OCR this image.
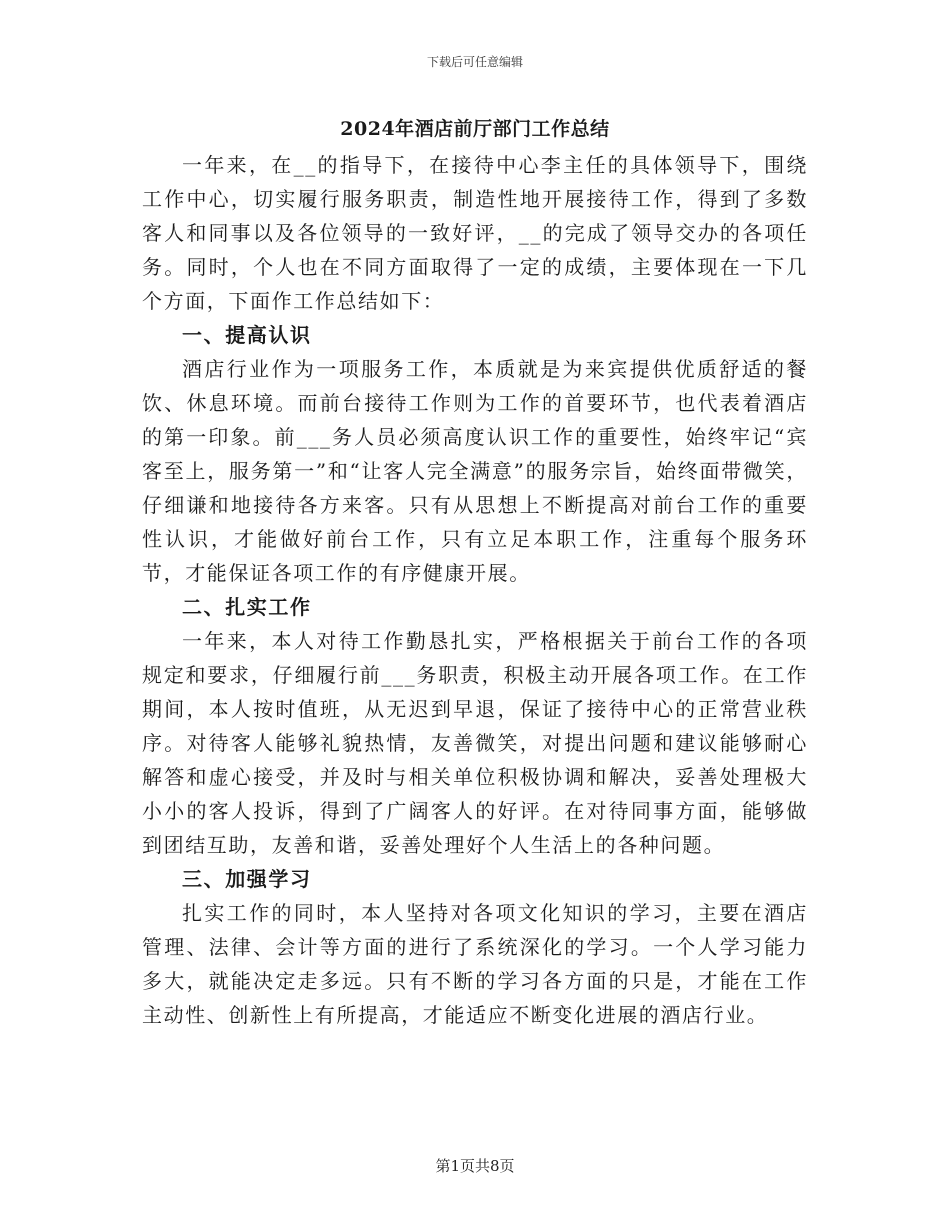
下载后可任意编辑
2024年酒店前厅部门工作总结

一年来，在__的指导下，在接待中心李主任的具体领导下，围绕工作中心，切实履行服务职责，制造性地开展接待工作，得到了多数客人和同事以及各位领导的一致好评，__的完成了领导交办的各项任务。同时，个人也在不同方面取得了一定的成绩，主要体现在一下几个方面，下面作工作总结如下：

一、提高认识

酒店行业作为一项服务工作，本质就是为来宾提供优质舒适的餐饮、休息环境。而前台接待工作则为工作的首要环节，也代表着酒店的第一印象。前___务人员必须高度认识工作的重要性，始终牢记“宾客至上，服务第一”和“让客人完全满意”的服务宗旨，始终面带微笑，仔细谦和地接待各方来客。只有从思想上不断提高对前台工作的重要性认识，才能做好前台工作，只有立足本职工作，注重每个服务环节，才能保证各项工作的有序健康开展。

二、扎实工作

一年来，本人对待工作勤恳扎实，严格根据关于前台工作的各项规定和要求，仔细履行前___务职责，积极主动开展各项工作。在工作期间，本人按时值班，从无迟到早退，保证了接待中心的正常营业秩序。对待客人能够礼貌热情，友善微笑，对提出问题和建议能够耐心解答和虚心接受，并及时与相关单位积极协调和解决，妥善处理极大小小的客人投诉，得到了广阔客人的好评。在对待同事方面，能够做到团结互助，友善和谐，妥善处理好个人生活上的各种问题。

三、加强学习

扎实工作的同时，本人坚持对各项文化知识的学习，主要在酒店管理、法律、会计等方面的进行了系统深化的学习。一个人学习能力多大，就能决定走多远。只有不断的学习各方面的只是，才能在工作主动性、创新性上有所提高，才能适应不断变化进展的酒店行业。

第1页共8页
